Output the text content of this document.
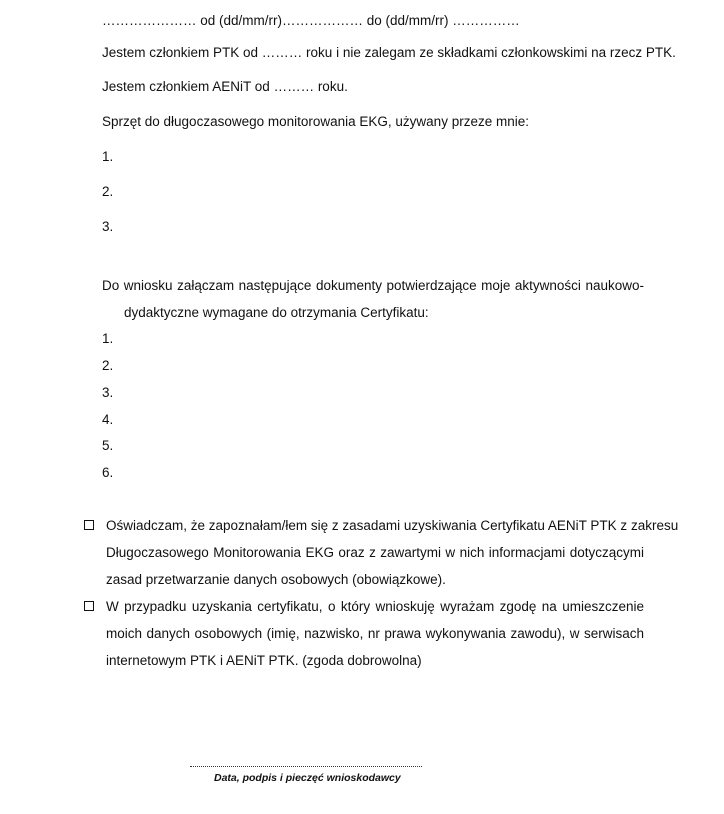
………………… od (dd/mm/rr)……………… do (dd/mm/rr) ……………
Jestem członkiem PTK od ……… roku i nie zalegam ze składkami członkowskimi na rzecz PTK.
Jestem członkiem AENiT od ……… roku.
Sprzęt do długoczasowego monitorowania EKG, używany przeze mnie:
1.
2.
3.
Do wniosku załączam następujące dokumenty potwierdzające moje aktywności naukowo-
dydaktyczne wymagane do otrzymania Certyfikatu:
1.
2.
3.
4.
5.
6.
Oświadczam, że zapoznałam/łem się z zasadami uzyskiwania Certyfikatu AENiT PTK z zakresu
Długoczasowego Monitorowania EKG oraz z zawartymi w nich informacjami dotyczącymi
zasad przetwarzanie danych osobowych (obowiązkowe).
W przypadku uzyskania certyfikatu, o który wnioskuję wyrażam zgodę na umieszczenie
moich danych osobowych (imię, nazwisko, nr prawa wykonywania zawodu), w serwisach
internetowym PTK i AENiT PTK. (zgoda dobrowolna)
Data, podpis i pieczęć wnioskodawcy
